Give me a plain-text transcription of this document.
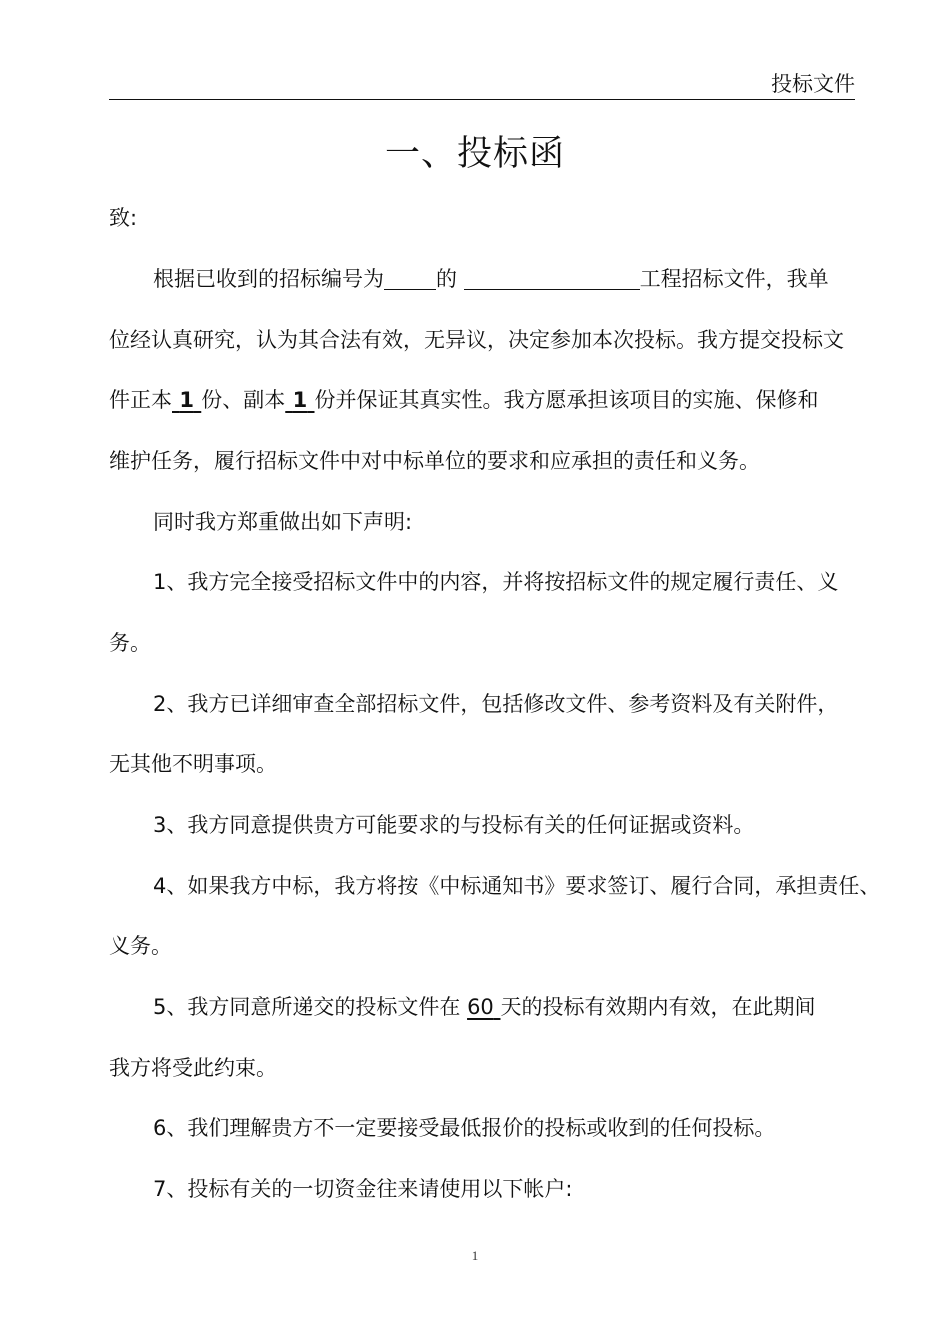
投标文件
一、投标函
致:
根据已收到的招标编号为 的	工程招标文件，我单
位经认真研究，认为其合法有效，无异议，决定参加本次投标。我方提交投标文
件正本 1 份、副本 1 份并保证其真实性。我方愿承担该项目的实施、保修和
维护任务，履行招标文件中对中标单位的要求和应承担的责任和义务。
同时我方郑重做出如下声明:
1、我方完全接受招标文件中的内容，并将按招标文件的规定履行责任、义
务。
2、我方已详细审查全部招标文件，包括修改文件、参考资料及有关附件，
无其他不明事项。
3、我方同意提供贵方可能要求的与投标有关的任何证据或资料。
4、如果我方中标，我方将按《中标通知书》要求签订、履行合同，承担责任、
义务。
5、我方同意所递交的投标文件在 60 天的投标有效期内有效，在此期间
我方将受此约束。
6、我们理解贵方不一定要接受最低报价的投标或收到的任何投标。
7、投标有关的一切资金往来请使用以下帐户:
1
